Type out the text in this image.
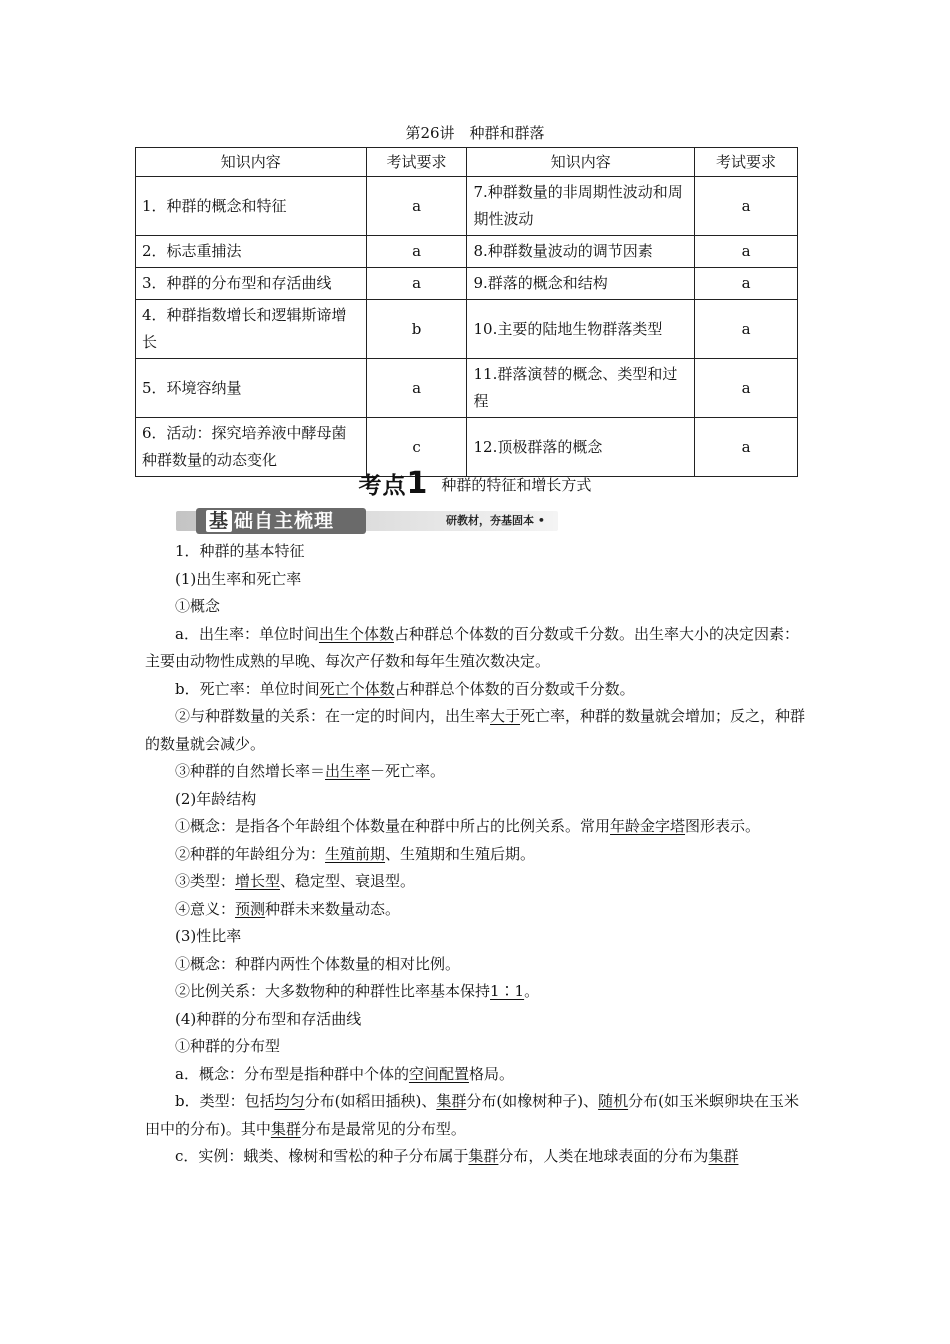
第26讲　种群和群落
知识内容	考试要求	知识内容	考试要求
1．种群的概念和特征	a	7.种群数量的非周期性波动和周期性波动	a
2．标志重捕法	a	8.种群数量波动的调节因素	a
3．种群的分布型和存活曲线	a	9.群落的概念和结构	a
4．种群指数增长和逻辑斯谛增长	b	10.主要的陆地生物群落类型	a
5．环境容纳量	a	11.群落演替的概念、类型和过程	a
6．活动：探究培养液中酵母菌种群数量的动态变化	c	12.顶极群落的概念	a
考点1 种群的特征和增长方式
基 础自主梳理	研教材，夯基固本 •

1．种群的基本特征

(1)出生率和死亡率

①概念

a．出生率：单位时间出生个体数占种群总个体数的百分数或千分数。出生率大小的决定因素：主要由动物性成熟的早晚、每次产仔数和每年生殖次数决定。

b．死亡率：单位时间死亡个体数占种群总个体数的百分数或千分数。

②与种群数量的关系：在一定的时间内，出生率大于死亡率，种群的数量就会增加；反之，种群的数量就会减少。

③种群的自然增长率＝出生率－死亡率。

(2)年龄结构

①概念：是指各个年龄组个体数量在种群中所占的比例关系。常用年龄金字塔图形表示。

②种群的年龄组分为：生殖前期、生殖期和生殖后期。

③类型：增长型、稳定型、衰退型。

④意义：预测种群未来数量动态。

(3)性比率

①概念：种群内两性个体数量的相对比例。

②比例关系：大多数物种的种群性比率基本保持1∶1。

(4)种群的分布型和存活曲线

①种群的分布型

a．概念：分布型是指种群中个体的空间配置格局。

b．类型：包括均匀分布(如稻田插秧)、集群分布(如橡树种子)、随机分布(如玉米螟卵块在玉米田中的分布)。其中集群分布是最常见的分布型。

c．实例：蛾类、橡树和雪松的种子分布属于集群分布，人类在地球表面的分布为集群
